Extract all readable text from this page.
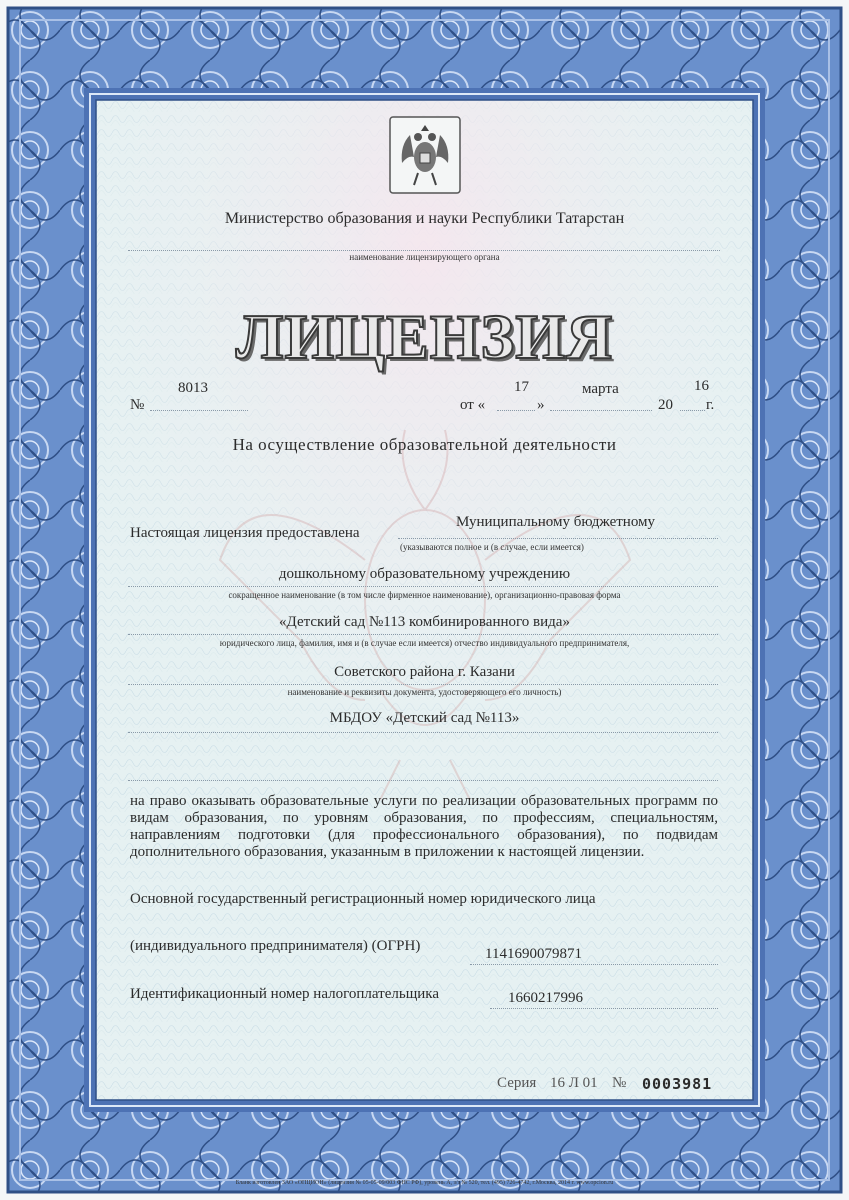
Министерство образования и науки Республики Татарстан
наименование лицензирующего органа
ЛИЦЕНЗИЯ
№
8013
от «
17
»
марта
20
16
г.
На осуществление образовательной деятельности
Настоящая лицензия предоставлена
Муниципальному бюджетному
(указываются полное и (в случае, если имеется)
дошкольному образовательному учреждению
сокращенное наименование (в том числе фирменное наименование), организационно-правовая форма
«Детский сад №113 комбинированного вида»
юридического лица, фамилия, имя и (в случае если имеется) отчество индивидуального предпринимателя,
Советского района г. Казани
наименование и реквизиты документа, удостоверяющего его личность)
МБДОУ «Детский сад №113»
на право оказывать образовательные услуги по реализации образовательных программ по видам образования, по уровням образования, по профессиям, специальностям, направлениям подготовки (для профессионального образования), по подвидам дополнительного образования, указанным в приложении к настоящей лицензии.
Основной государственный регистрационный номер юридического лица
(индивидуального предпринимателя) (ОГРН)	1141690079871
Идентификационный номер налогоплательщика	1660217996
Серия 16 Л 01 № 0003981
Бланк изготовлен ЗАО «ОПЦИОН» (лицензия № 05-05-09/003 ФНС РФ), уровень А, з/з № 520, тел. (495) 726-4742, г.Москва, 2014 г. www.opcion.ru
